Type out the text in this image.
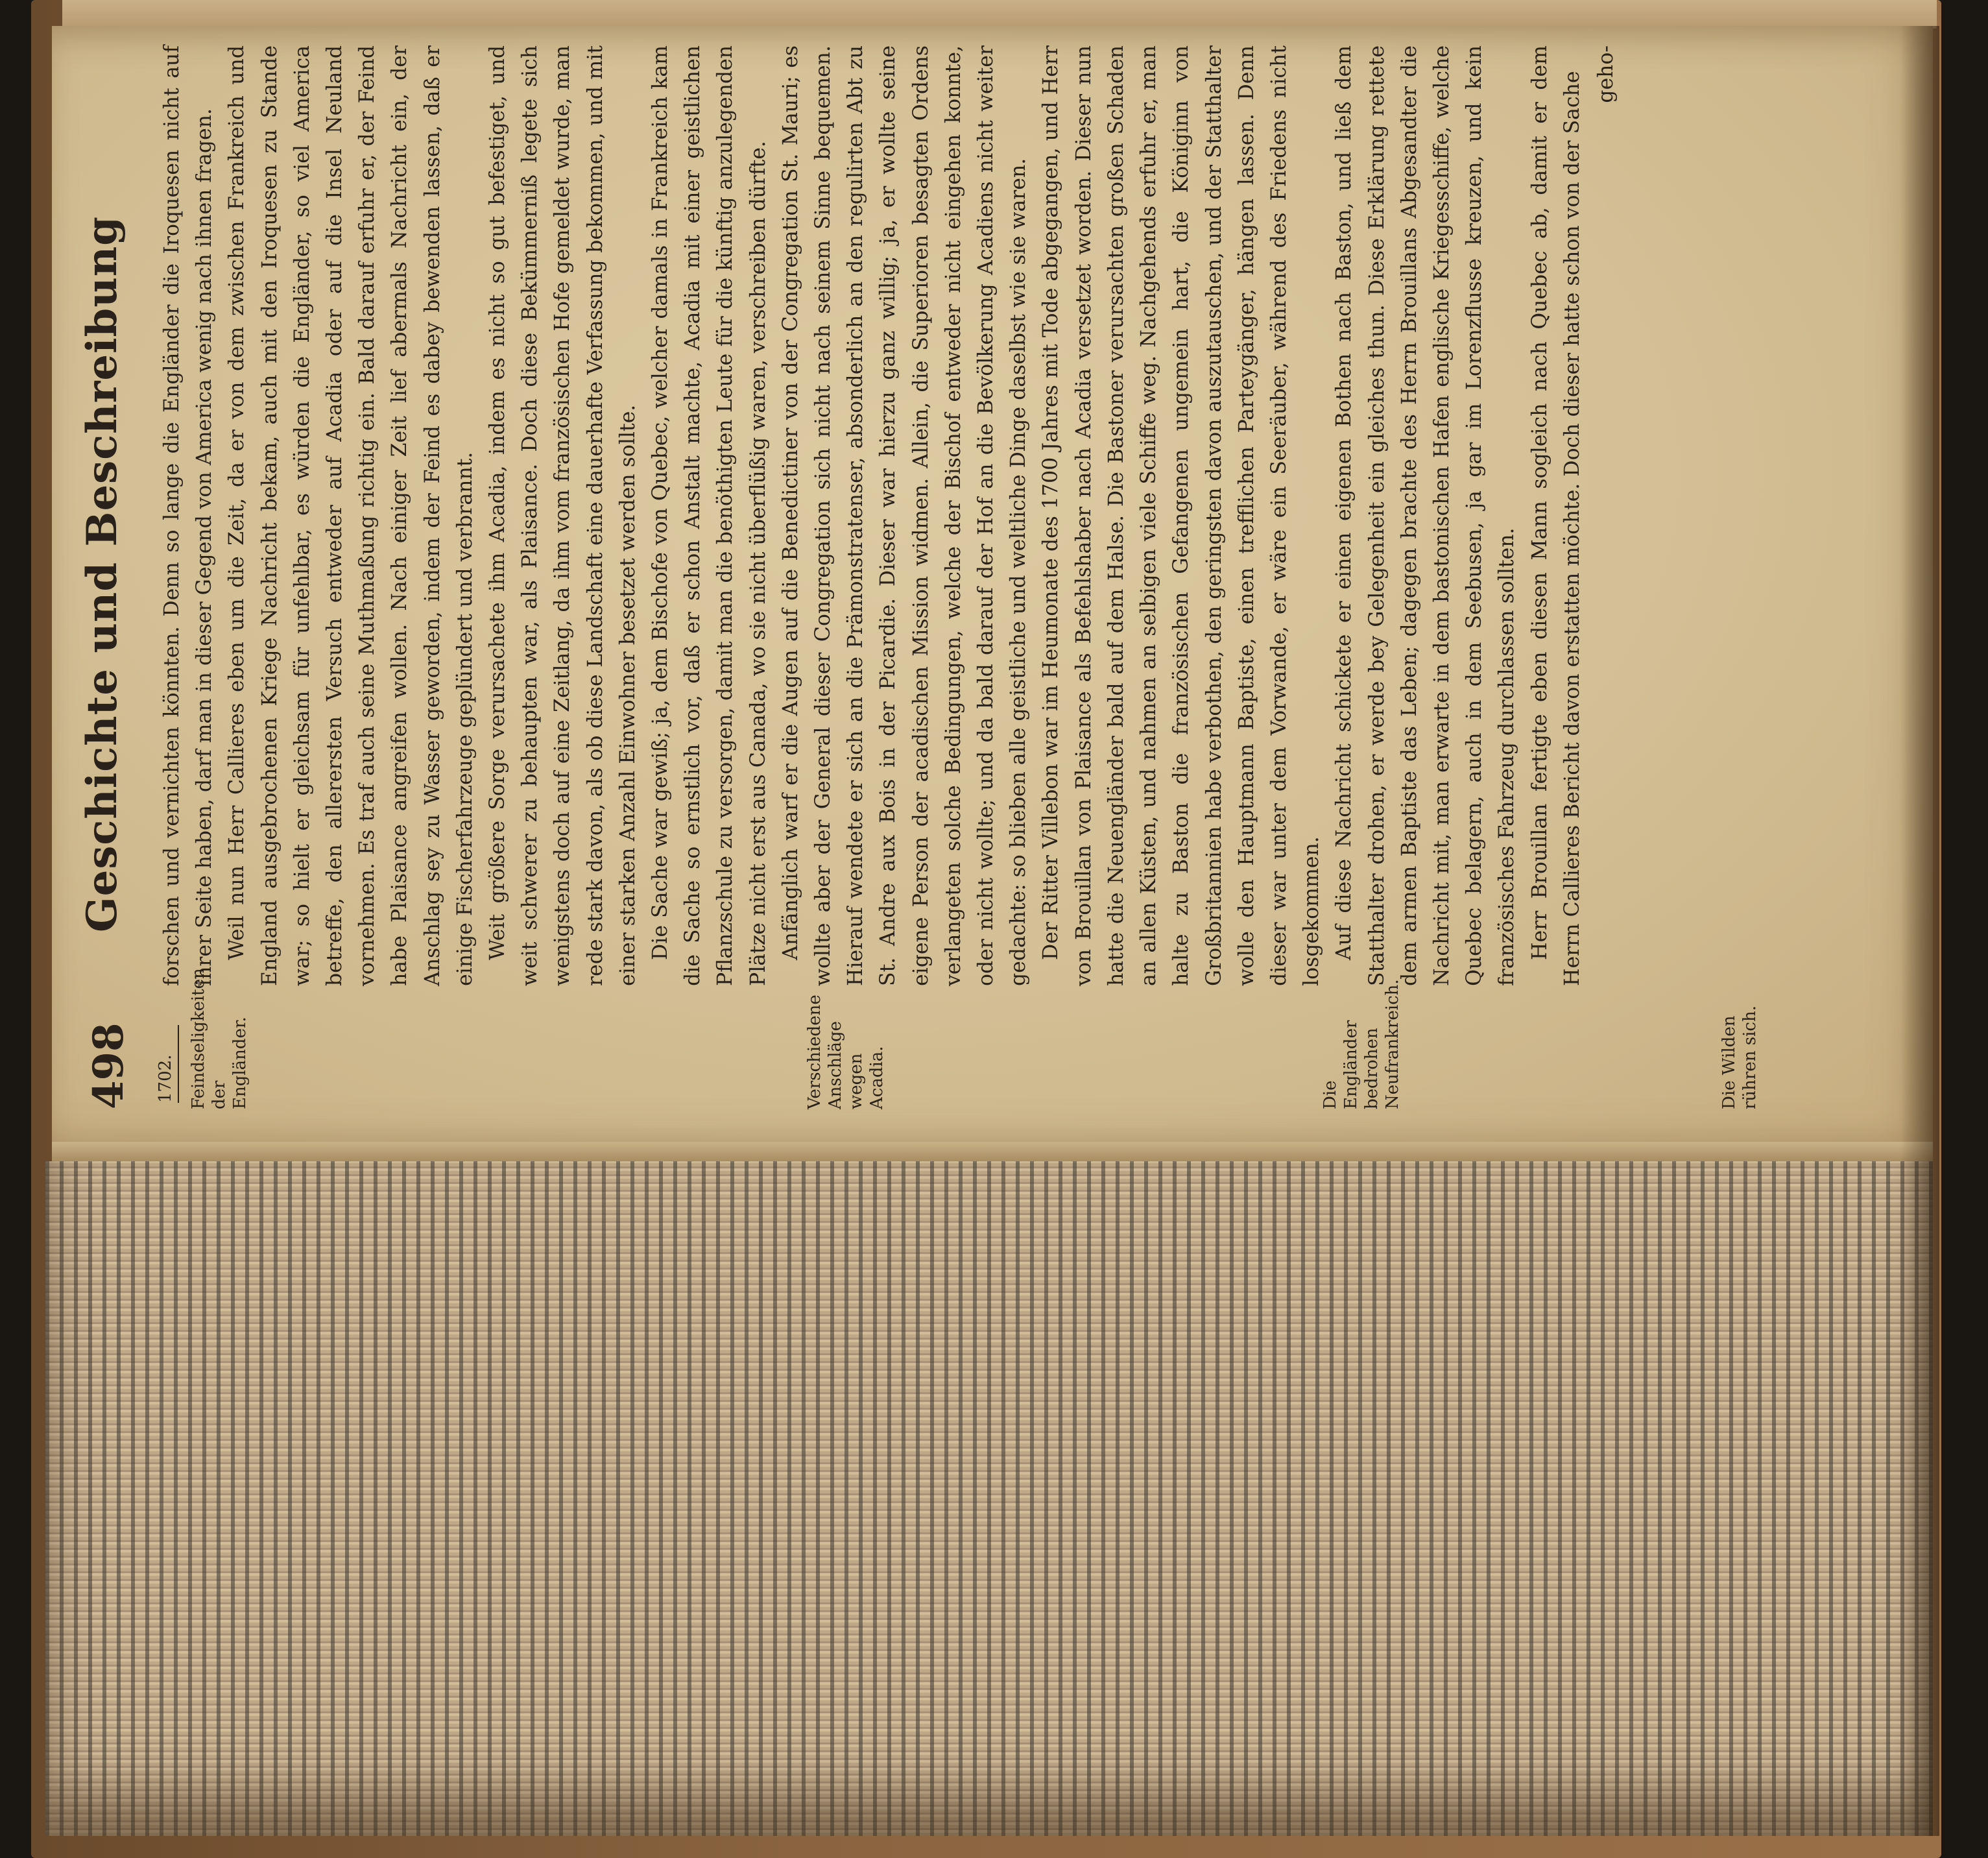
498
Geschichte und Beschreibung
1702. Feindseligkeiten der Engländer.	Verschiedene Anschläge wegen Acadia.	Die Engländer bedrohen Neufrankreich.	Die Wilden rühren sich.

forschen und vernichten könnten. Denn so lange die Engländer die Iroquesen nicht auf ihrer Seite haben, darf man in dieser Gegend von America wenig nach ihnen fragen. Weil nun Herr Callieres eben um die Zeit, da er von dem zwischen Frankreich und England ausgebrochenen Kriege Nachricht bekam, auch mit den Iroquesen zu Stande war; so hielt er gleichsam für unfehlbar, es würden die Engländer, so viel America betreffe, den allerersten Versuch entweder auf Acadia oder auf die Insel Neuland vornehmen. Es traf auch seine Muthmaßung richtig ein. Bald darauf erfuhr er, der Feind habe Plaisance angreifen wollen. Nach einiger Zeit lief abermals Nachricht ein, der Anschlag sey zu Wasser geworden, indem der Feind es dabey bewenden lassen, daß er einige Fischerfahrzeuge geplündert und verbrannt. Weit größere Sorge verursachete ihm Acadia, indem es nicht so gut befestiget, und weit schwerer zu behaupten war, als Plaisance. Doch diese Bekümmerniß legete sich wenigstens doch auf eine Zeitlang, da ihm vom französischen Hofe gemeldet wurde, man rede stark davon, als ob diese Landschaft eine dauerhafte Verfassung bekommen, und mit einer starken Anzahl Einwohner besetzet werden sollte. Die Sache war gewiß; ja, dem Bischofe von Quebec, welcher damals in Frankreich kam die Sache so ernstlich vor, daß er schon Anstalt machte, Acadia mit einer geistlichen Pflanzschule zu versorgen, damit man die benöthigten Leute für die künftig anzulegenden Plätze nicht erst aus Canada, wo sie nicht überflüßig waren, verschreiben dürfte. Anfänglich warf er die Augen auf die Benedictiner von der Congregation St. Mauri; es wollte aber der General dieser Congregation sich nicht nach seinem Sinne bequemen. Hierauf wendete er sich an die Prämonstratenser, absonderlich an den regulirten Abt zu St. Andre aux Bois in der Picardie. Dieser war hierzu ganz willig; ja, er wollte seine eigene Person der acadischen Mission widmen. Allein, die Superioren besagten Ordens verlangeten solche Bedingungen, welche der Bischof entweder nicht eingehen konnte, oder nicht wollte; und da bald darauf der Hof an die Bevölkerung Acadiens nicht weiter gedachte: so blieben alle geistliche und weltliche Dinge daselbst wie sie waren. Der Ritter Villebon war im Heumonate des 1700 Jahres mit Tode abgegangen, und Herr von Brouillan von Plaisance als Befehlshaber nach Acadia versetzet worden. Dieser nun hatte die Neuengländer bald auf dem Halse. Die Bastoner verursachten großen Schaden an allen Küsten, und nahmen an selbigen viele Schiffe weg. Nachgehends erfuhr er, man halte zu Baston die französischen Gefangenen ungemein hart, die Königinn von Großbritannien habe verbothen, den geringsten davon auszutauschen, und der Statthalter wolle den Hauptmann Baptiste, einen trefflichen Parteygänger, hängen lassen. Denn dieser war unter dem Vorwande, er wäre ein Seeräuber, während des Friedens nicht losgekommen. Auf diese Nachricht schickete er einen eigenen Bothen nach Baston, und ließ dem Statthalter drohen, er werde bey Gelegenheit ein gleiches thun. Diese Erklärung rettete dem armen Baptiste das Leben; dagegen brachte des Herrn Brouillans Abgesandter die Nachricht mit, man erwarte in dem bastonischen Hafen englische Kriegesschiffe, welche Quebec belagern, auch in dem Seebusen, ja gar im Lorenzflusse kreuzen, und kein französisches Fahrzeug durchlassen sollten. Herr Brouillan fertigte eben diesen Mann sogleich nach Quebec ab, damit er dem Herrn Callieres Bericht davon erstatten möchte. Doch dieser hatte schon von der Sache geho-
